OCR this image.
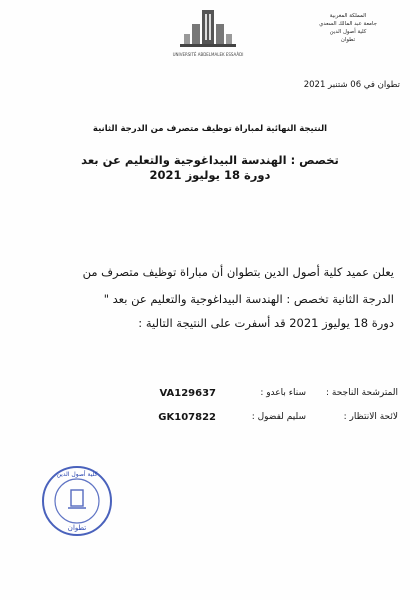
المملكة المغربية
جامعة عبد المالك السعدي
كلية أصول الدين
تطوان
UNIVERSITÉ ABDELMALEK ESSAÂDI
تطوان في 06 شتنبر 2021
النتيجة النهائية لمباراة توظيف متصرف من الدرجة الثانية
تخصص : الهندسة البيداغوجية والتعليم عن بعد
دورة 18 يوليوز 2021
يعلن عميد كلية أصول الدين بتطوان أن مباراة توظيف متصرف من
الدرجة الثانية تخصص : الهندسة البيداغوجية والتعليم عن بعد "
دورة 18 يوليوز 2021 قد أسفرت على النتيجة التالية :
المترشحة الناجحة :
سناء باعدو :
VA129637
لائحة الانتظار :
سليم لفضول :
GK107822
كلية أصول الدين
تطوان
